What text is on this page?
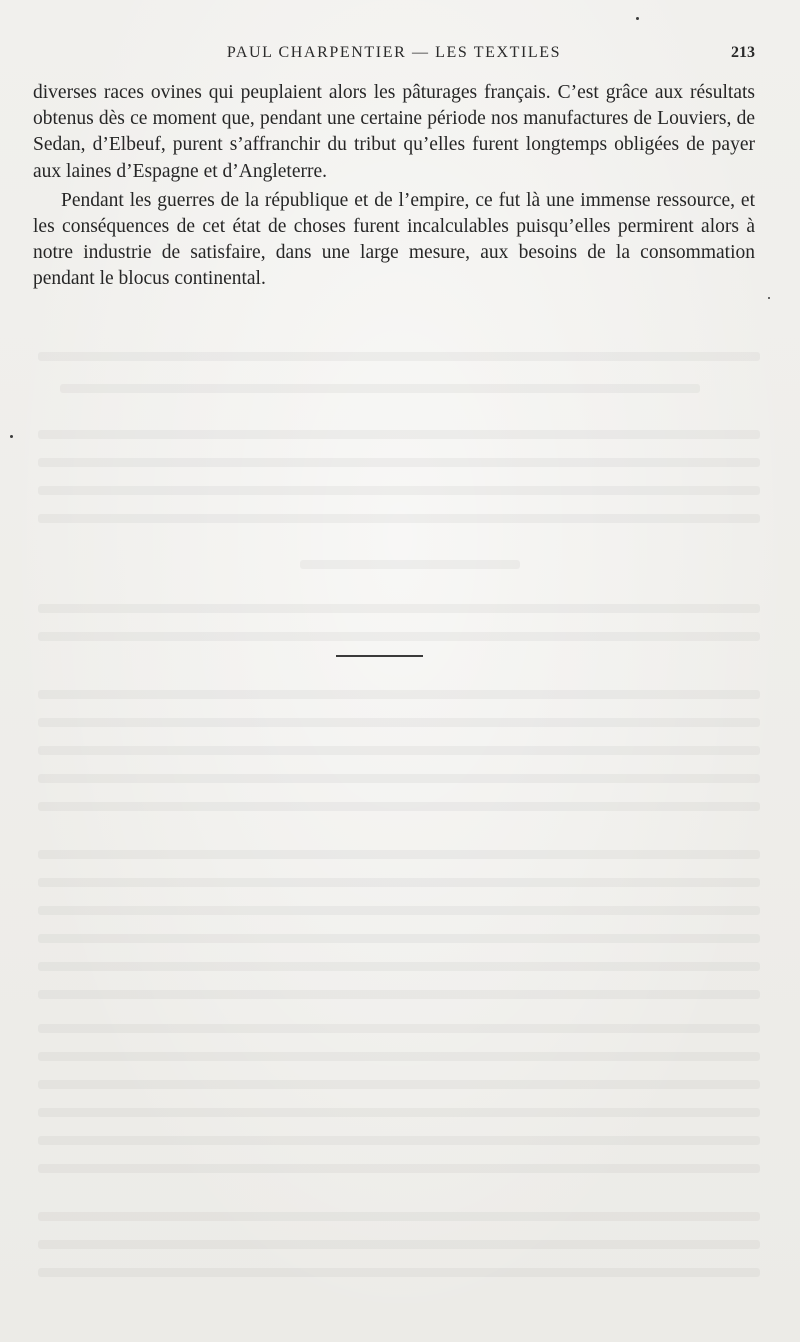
PAUL CHARPENTIER — LES TEXTILES	213

diverses races ovines qui peuplaient alors les pâturages français. C’est grâce aux résultats obtenus dès ce moment que, pendant une certaine période nos manufactures de Louviers, de Sedan, d’Elbeuf, purent s’affranchir du tribut qu’elles furent longtemps obligées de payer aux laines d’Espagne et d’Angleterre.

Pendant les guerres de la république et de l’empire, ce fut là une immense ressource, et les conséquences de cet état de choses furent incalculables puisqu’elles permirent alors à notre industrie de satisfaire, dans une large mesure, aux besoins de la consommation pendant le blocus continental.
